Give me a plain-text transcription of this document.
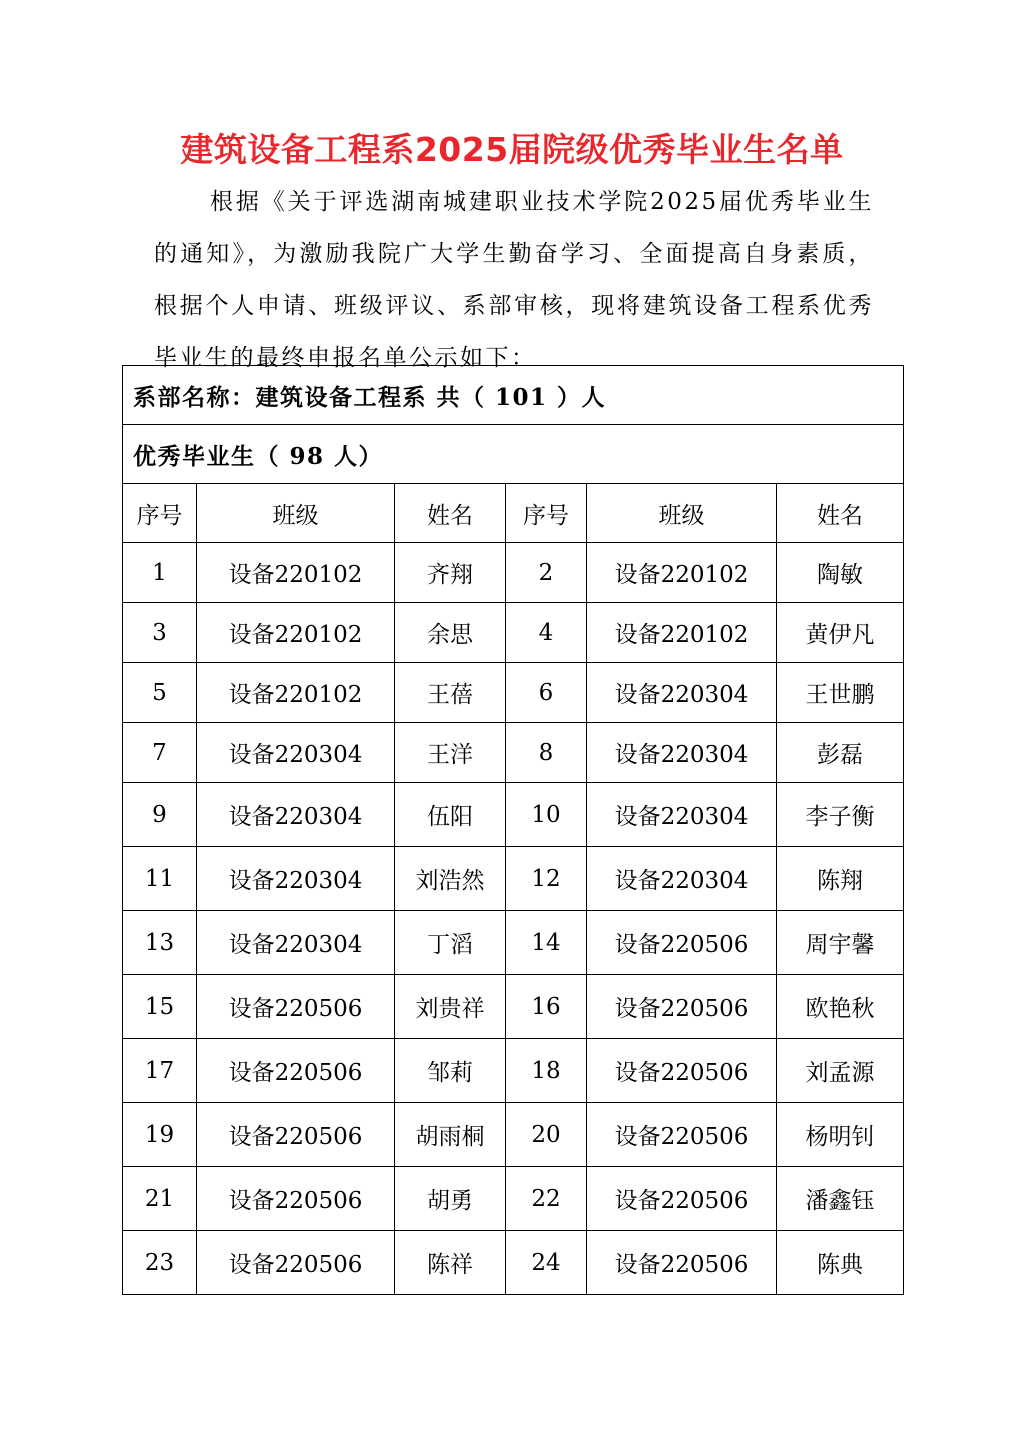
建筑设备工程系2025届院级优秀毕业生名单
根据《关于评选湖南城建职业技术学院2025届优秀毕业生的通知》，为激励我院广大学生勤奋学习、全面提高自身素质，根据个人申请、班级评议、系部审核，现将建筑设备工程系优秀毕业生的最终申报名单公示如下：
系部名称：建筑设备工程系 共（ 101 ）人					
优秀毕业生（ 98 人）					
序号	班级	姓名	序号	班级	姓名
1	设备220102	齐翔	2	设备220102	陶敏
3	设备220102	余思	4	设备220102	黄伊凡
5	设备220102	王蓓	6	设备220304	王世鹏
7	设备220304	王洋	8	设备220304	彭磊
9	设备220304	伍阳	10	设备220304	李子衡
11	设备220304	刘浩然	12	设备220304	陈翔
13	设备220304	丁滔	14	设备220506	周宇馨
15	设备220506	刘贵祥	16	设备220506	欧艳秋
17	设备220506	邹莉	18	设备220506	刘孟源
19	设备220506	胡雨桐	20	设备220506	杨明钊
21	设备220506	胡勇	22	设备220506	潘鑫钰
23	设备220506	陈祥	24	设备220506	陈典
